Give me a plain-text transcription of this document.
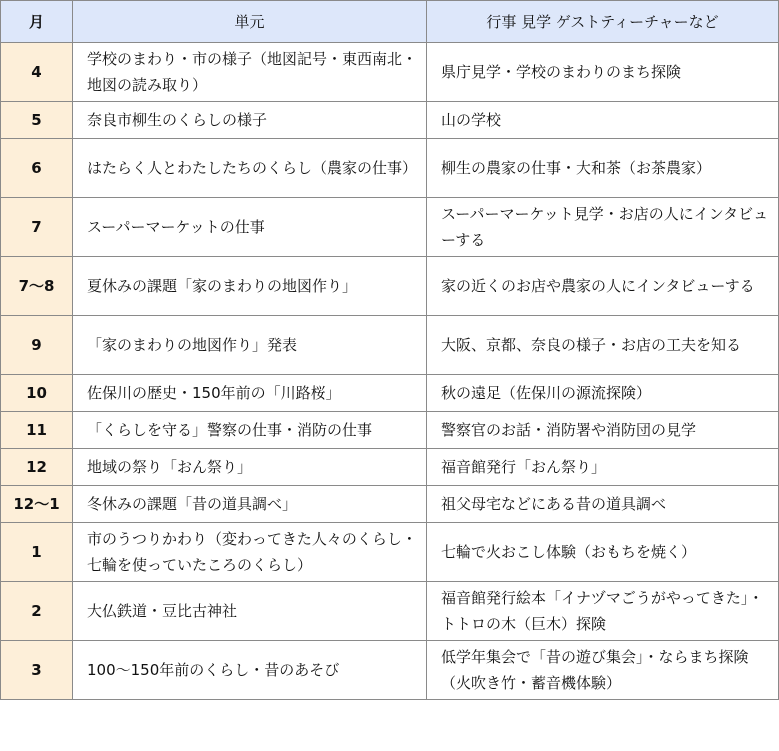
月	単元	行事 見学 ゲストティーチャーなど
4	学校のまわり・市の様子（地図記号・東西南北・地図の読み取り）	県庁見学・学校のまわりのまち探険
5	奈良市柳生のくらしの様子	山の学校
6	はたらく人とわたしたちのくらし（農家の仕事）	柳生の農家の仕事・大和茶（お茶農家）
7	スーパーマーケットの仕事	スーパーマーケット見学・お店の人にインタビューする
7〜8	夏休みの課題「家のまわりの地図作り」	家の近くのお店や農家の人にインタビューする
9	「家のまわりの地図作り」発表	大阪、京都、奈良の様子・お店の工夫を知る
10	佐保川の歴史・150年前の「川路桜」	秋の遠足（佐保川の源流探険）
11	「くらしを守る」警察の仕事・消防の仕事	警察官のお話・消防署や消防団の見学
12	地域の祭り「おん祭り」	福音館発行「おん祭り」
12〜1	冬休みの課題「昔の道具調べ」	祖父母宅などにある昔の道具調べ
1	市のうつりかわり（変わってきた人々のくらし・七輪を使っていたころのくらし）	七輪で火おこし体験（おもちを焼く）
2	大仏鉄道・豆比古神社	福音館発行絵本「イナヅマごうがやってきた」・トトロの木（巨木）探険
3	100〜150年前のくらし・昔のあそび	低学年集会で「昔の遊び集会」・ならまち探険（火吹き竹・蓄音機体験）
